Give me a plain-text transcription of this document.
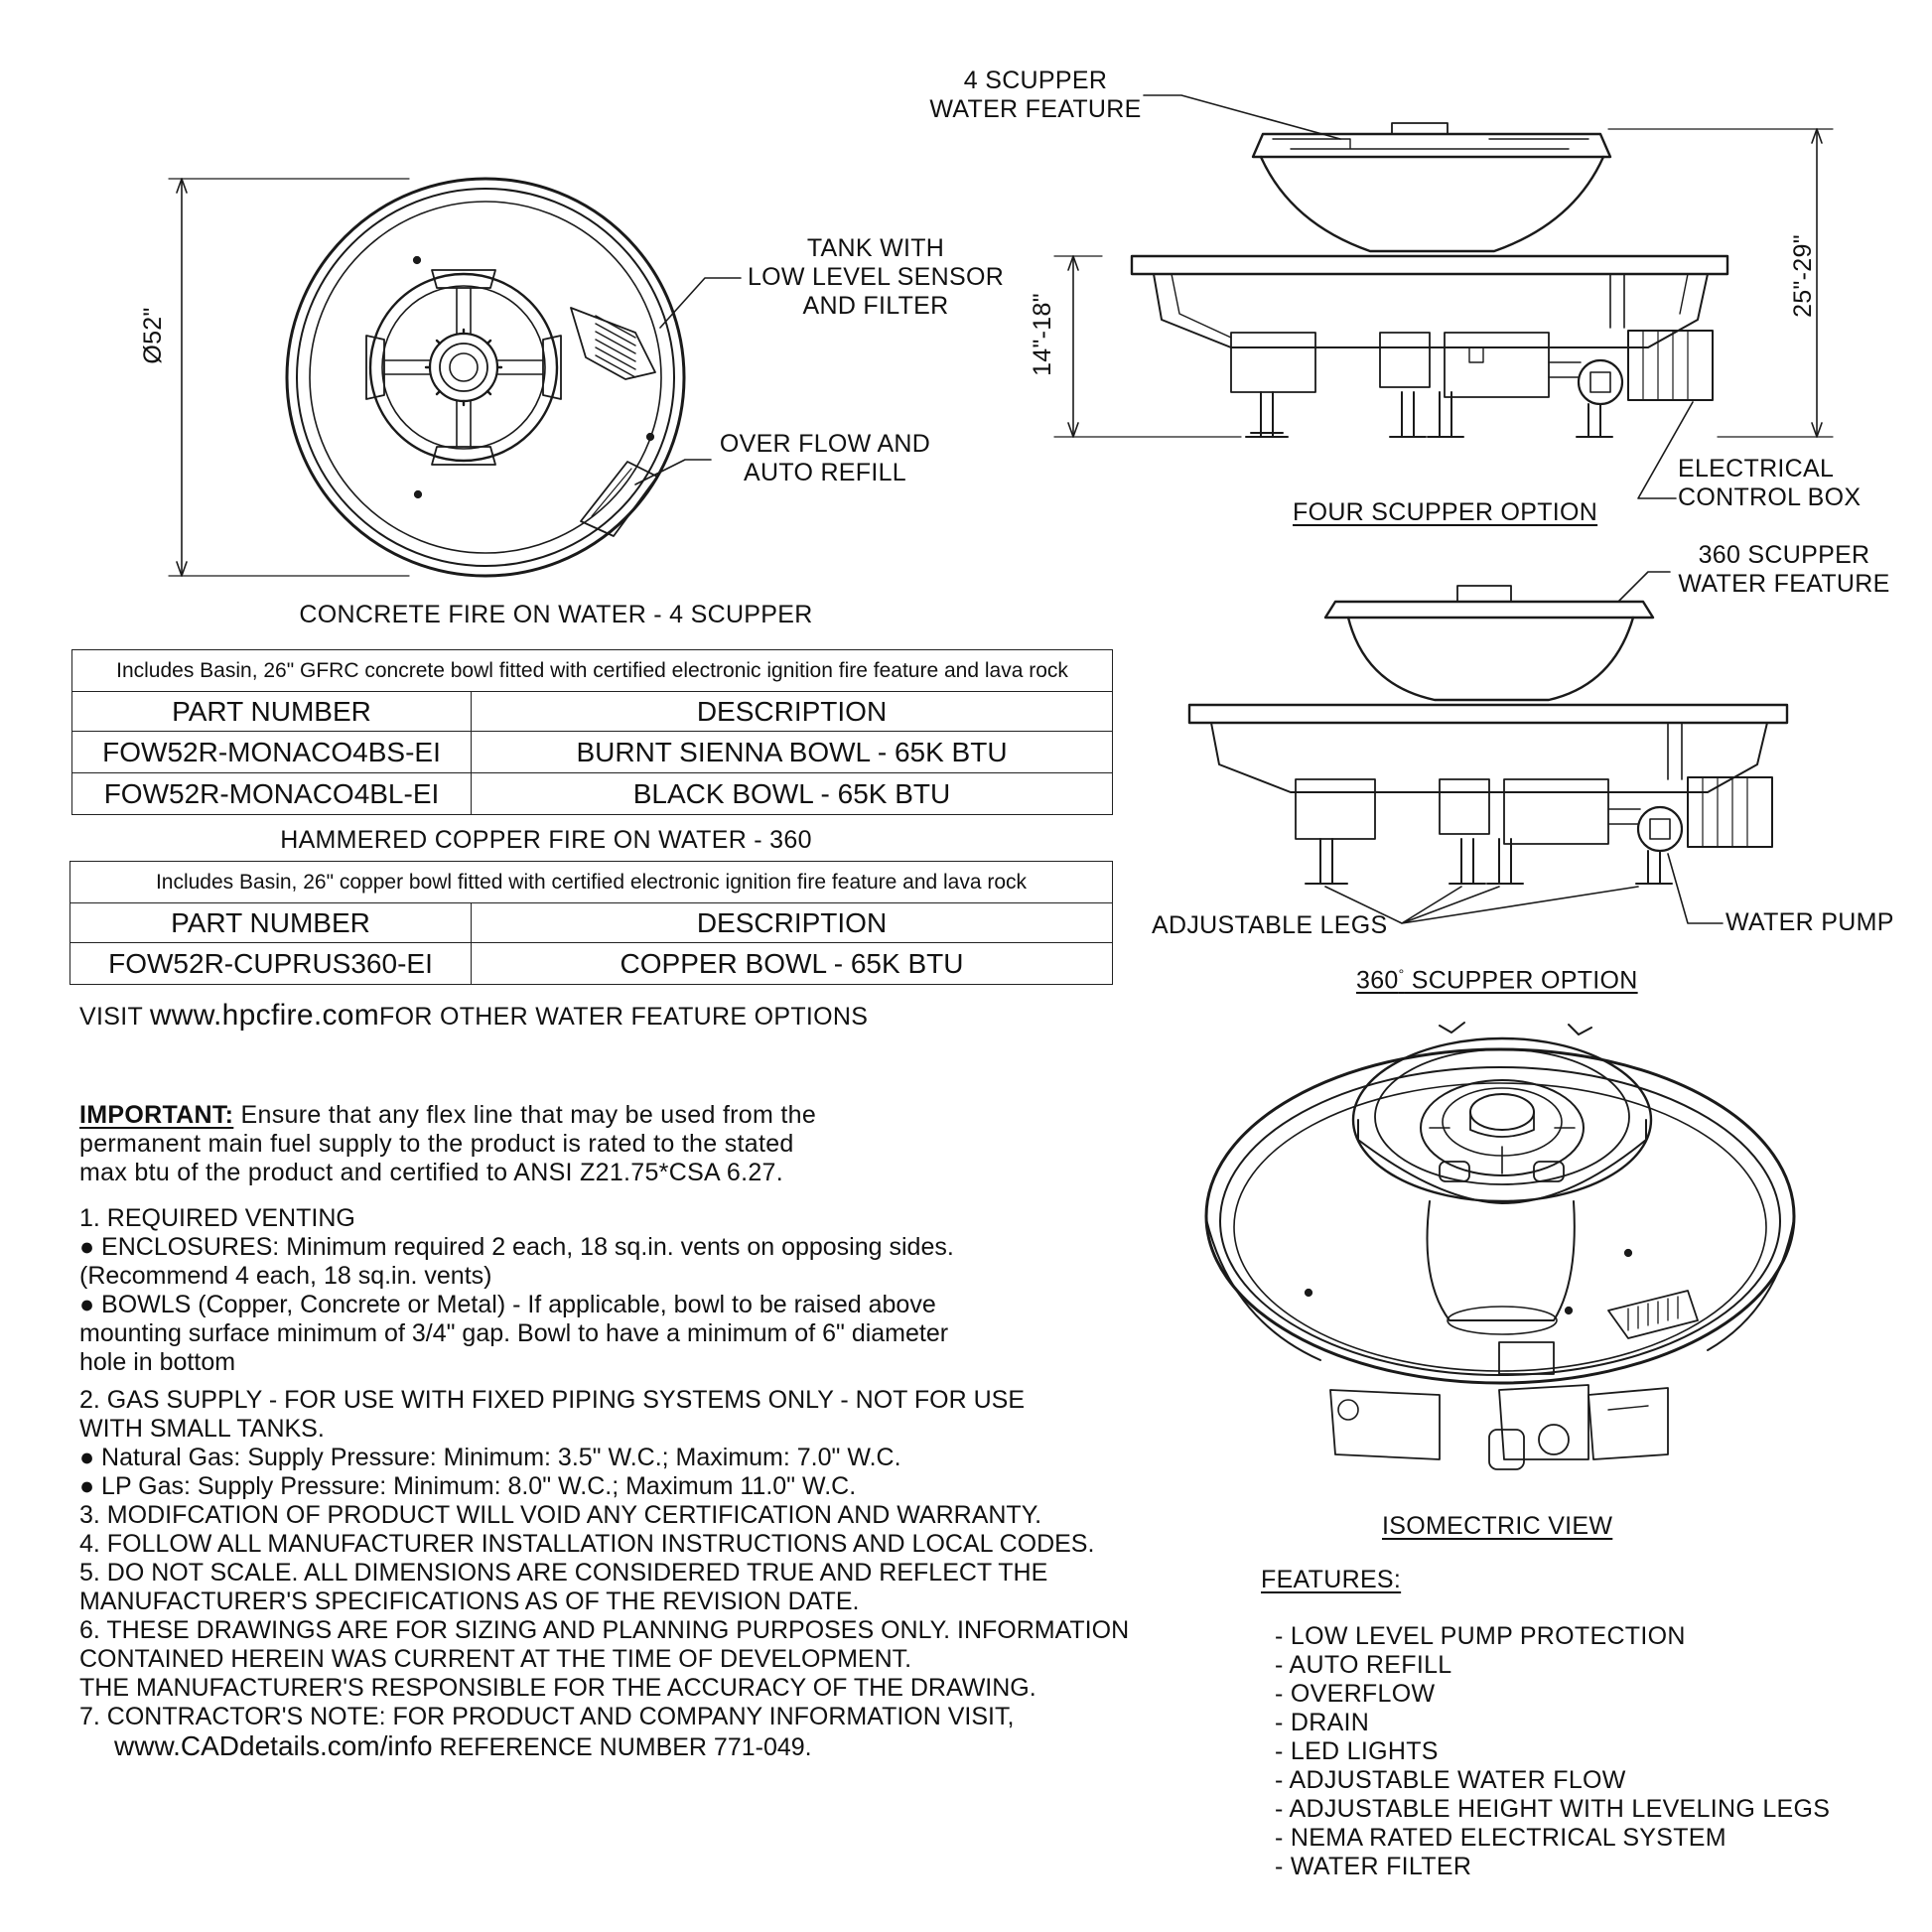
Ø52"
TANK WITH
LOW LEVEL SENSOR
AND FILTER
OVER FLOW AND
AUTO REFILL
CONCRETE FIRE ON WATER - 4 SCUPPER
Includes Basin, 26" GFRC concrete bowl fitted with certified electronic ignition fire feature and lava rock	
PART NUMBER	DESCRIPTION
FOW52R-MONACO4BS-EI	BURNT SIENNA BOWL - 65K BTU
FOW52R-MONACO4BL-EI	BLACK BOWL - 65K BTU
HAMMERED COPPER FIRE ON WATER - 360
Includes Basin, 26" copper bowl fitted with certified electronic ignition fire feature and lava rock	
PART NUMBER	DESCRIPTION
FOW52R-CUPRUS360-EI	COPPER BOWL - 65K BTU
VISIT www.hpcfire.comFOR OTHER WATER FEATURE OPTIONS
IMPORTANT: Ensure that any flex line that may be used from the
permanent main fuel supply to the product is rated to the stated
max btu of the product and certified to ANSI Z21.75*CSA 6.27.
1. REQUIRED VENTING
● ENCLOSURES: Minimum required 2 each, 18 sq.in. vents on opposing sides.
(Recommend 4 each, 18 sq.in. vents)
● BOWLS (Copper, Concrete or Metal) - If applicable, bowl to be raised above
mounting surface minimum of 3/4" gap. Bowl to have a minimum of 6" diameter
hole in bottom
2. GAS SUPPLY - FOR USE WITH FIXED PIPING SYSTEMS ONLY - NOT FOR USE
WITH SMALL TANKS.
● Natural Gas: Supply Pressure: Minimum: 3.5" W.C.; Maximum: 7.0" W.C.
● LP Gas: Supply Pressure: Minimum: 8.0" W.C.; Maximum 11.0" W.C.
3. MODIFCATION OF PRODUCT WILL VOID ANY CERTIFICATION AND WARRANTY.
4. FOLLOW ALL MANUFACTURER INSTALLATION INSTRUCTIONS AND LOCAL CODES.
5. DO NOT SCALE. ALL DIMENSIONS ARE CONSIDERED TRUE AND REFLECT THE
MANUFACTURER'S SPECIFICATIONS AS OF THE REVISION DATE.
6. THESE DRAWINGS ARE FOR SIZING AND PLANNING PURPOSES ONLY. INFORMATION
CONTAINED HEREIN WAS CURRENT AT THE TIME OF DEVELOPMENT.
THE MANUFACTURER'S RESPONSIBLE FOR THE ACCURACY OF THE DRAWING.
7. CONTRACTOR'S NOTE: FOR PRODUCT AND COMPANY INFORMATION VISIT,
www.CADdetails.com/info REFERENCE NUMBER 771-049.
4 SCUPPER
WATER FEATURE
14"-18"
25"-29"
ELECTRICAL
CONTROL BOX
FOUR SCUPPER OPTION
360 SCUPPER
WATER FEATURE
ADJUSTABLE LEGS	WATER PUMP
360° SCUPPER OPTION
ISOMECTRIC VIEW
FEATURES:
- LOW LEVEL PUMP PROTECTION
- AUTO REFILL
- OVERFLOW
- DRAIN
- LED LIGHTS
- ADJUSTABLE WATER FLOW
- ADJUSTABLE HEIGHT WITH LEVELING LEGS
- NEMA RATED ELECTRICAL SYSTEM
- WATER FILTER
